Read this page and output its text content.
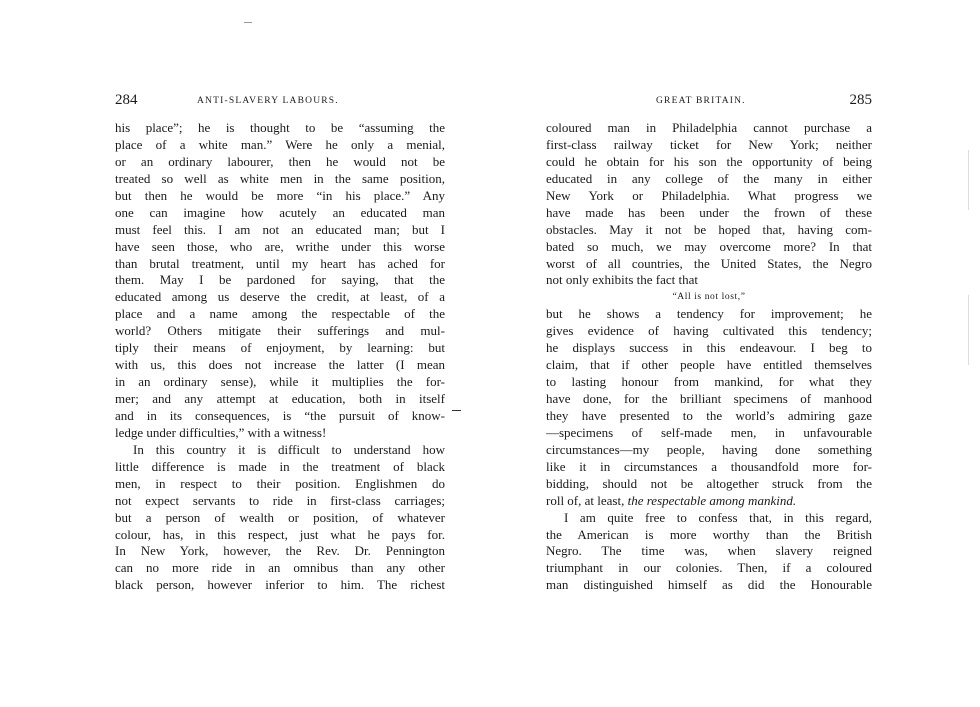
284	ANTI-SLAVERY LABOURS.
his place”; he is thought to be “assuming the
place of a white man.” Were he only a menial,
or an ordinary labourer, then he would not be
treated so well as white men in the same position,
but then he would be more “in his place.” Any
one can imagine how acutely an educated man
must feel this. I am not an educated man; but I
have seen those, who are, writhe under this worse
than brutal treatment, until my heart has ached for
them. May I be pardoned for saying, that the
educated among us deserve the credit, at least, of a
place and a name among the respectable of the
world? Others mitigate their sufferings and mul-
tiply their means of enjoyment, by learning: but
with us, this does not increase the latter (I mean
in an ordinary sense), while it multiplies the for-
mer; and any attempt at education, both in itself
and in its consequences, is “the pursuit of know-
ledge under difficulties,” with a witness!
In this country it is difficult to understand how
little difference is made in the treatment of black
men, in respect to their position. Englishmen do
not expect servants to ride in first-class carriages;
but a person of wealth or position, of whatever
colour, has, in this respect, just what he pays for.
In New York, however, the Rev. Dr. Pennington
can no more ride in an omnibus than any other
black person, however inferior to him. The richest
GREAT BRITAIN.	285
coloured man in Philadelphia cannot purchase a
first-class railway ticket for New York; neither
could he obtain for his son the opportunity of being
educated in any college of the many in either
New York or Philadelphia. What progress we
have made has been under the frown of these
obstacles. May it not be hoped that, having com-
bated so much, we may overcome more? In that
worst of all countries, the United States, the Negro
not only exhibits the fact that
“All is not lost,”
but he shows a tendency for improvement; he
gives evidence of having cultivated this tendency;
he displays success in this endeavour. I beg to
claim, that if other people have entitled themselves
to lasting honour from mankind, for what they
have done, for the brilliant specimens of manhood
they have presented to the world’s admiring gaze
—specimens of self-made men, in unfavourable
circumstances—my people, having done something
like it in circumstances a thousandfold more for-
bidding, should not be altogether struck from the
roll of, at least, the respectable among mankind.
I am quite free to confess that, in this regard,
the American is more worthy than the British
Negro. The time was, when slavery reigned
triumphant in our colonies. Then, if a coloured
man distinguished himself as did the Honourable
